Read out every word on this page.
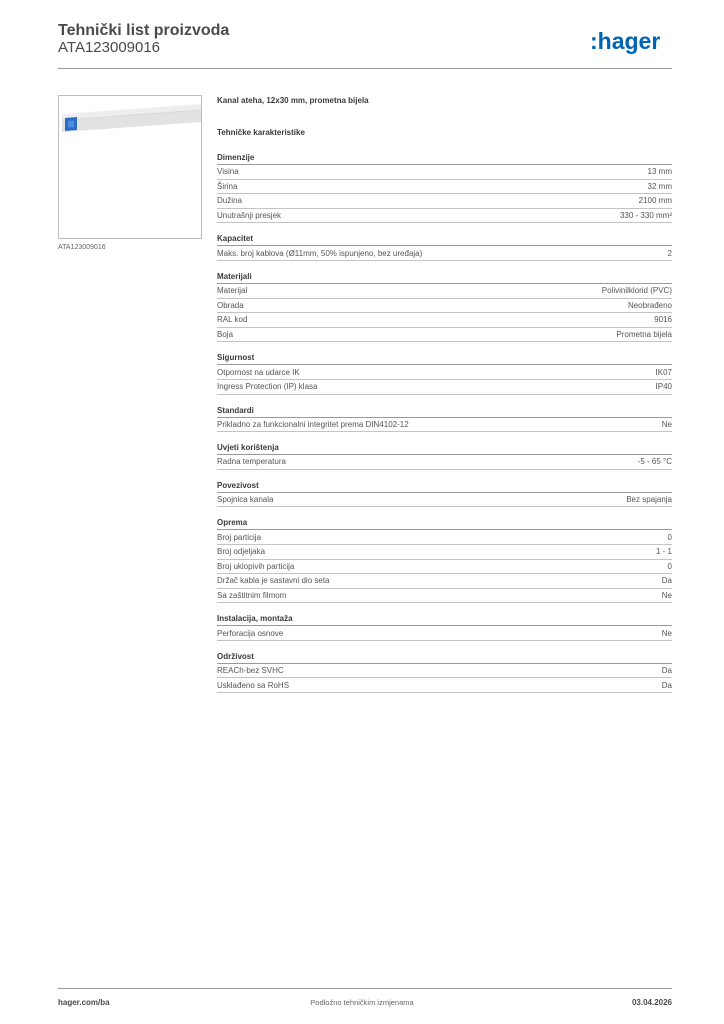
Tehnički list proizvoda
ATA123009016	:hager
ATA123009016
Kanal ateha, 12x30 mm, prometna bijela
Tehničke karakteristike
Dimenzije
Visina	13 mm
Širina	32 mm
Dužina	2100 mm
Unutrašnji presjek	330 - 330 mm²
Kapacitet
Maks. broj kablova (Ø11mm, 50% ispunjeno, bez uređaja)	2
Materijali
Materijal	Polivinilklorid (PVC)
Obrada	Neobrađeno
RAL kod	9016
Boja	Prometna bijela
Sigurnost
Otpornost na udarce IK	IK07
Ingress Protection (IP) klasa	IP40
Standardi
Prikladno za funkcionalni integritet prema DIN4102-12	Ne
Uvjeti korištenja
Radna temperatura	-5 - 65 °C
Povezivost
Spojnica kanala	Bez spajanja
Oprema
Broj particija	0
Broj odjeljaka	1 - 1
Broj uklopivih particija	0
Držač kabla je sastavni dio seta	Da
Sa zaštitnim filmom	Ne
Instalacija, montaža
Perforacija osnove	Ne
Održivost
REACh-bez SVHC	Da
Usklađeno sa RoHS	Da
hager.com/ba	Podložno tehničkim izmjenama	03.04.2026
